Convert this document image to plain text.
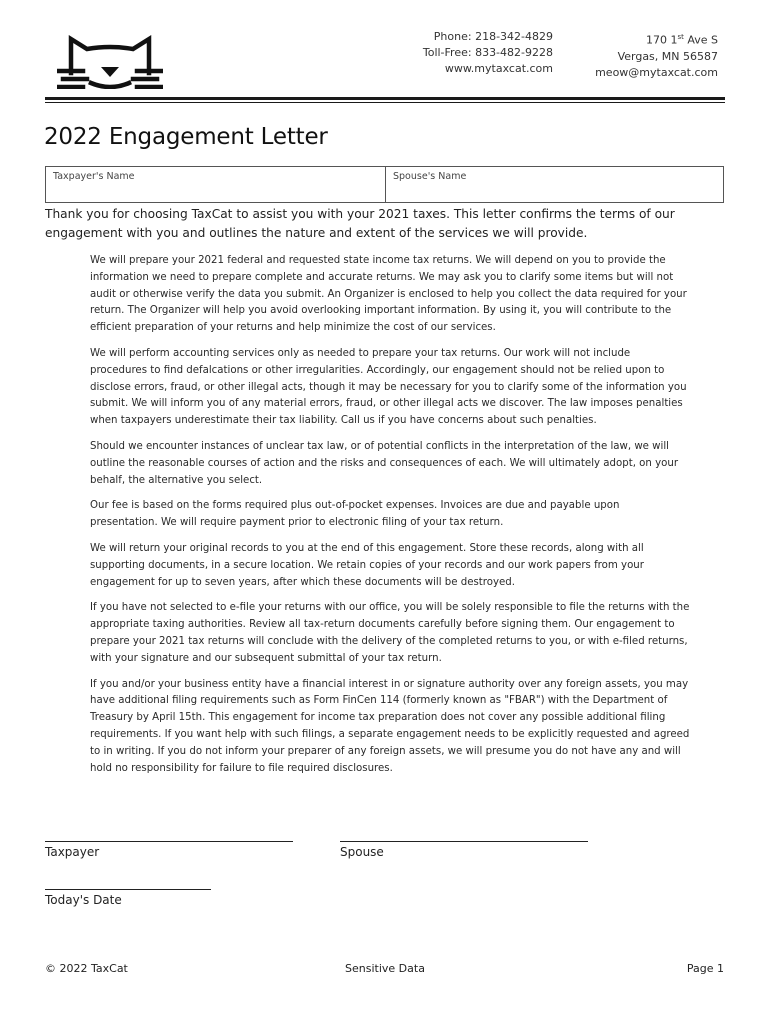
Phone: 218-342-4829
Toll-Free: 833-482-9228
www.mytaxcat.com
170 1st Ave S
Vergas, MN 56587
meow@mytaxcat.com
2022 Engagement Letter
Taxpayer's Name	Spouse's Name
Thank you for choosing TaxCat to assist you with your 2021 taxes. This letter confirms the terms of our engagement with you and outlines the nature and extent of the services we will provide.

We will prepare your 2021 federal and requested state income tax returns. We will depend on you to provide the information we need to prepare complete and accurate returns. We may ask you to clarify some items but will not audit or otherwise verify the data you submit. An Organizer is enclosed to help you collect the data required for your return. The Organizer will help you avoid overlooking important information. By using it, you will contribute to the efficient preparation of your returns and help minimize the cost of our services.

We will perform accounting services only as needed to prepare your tax returns. Our work will not include procedures to find defalcations or other irregularities. Accordingly, our engagement should not be relied upon to disclose errors, fraud, or other illegal acts, though it may be necessary for you to clarify some of the information you submit. We will inform you of any material errors, fraud, or other illegal acts we discover. The law imposes penalties when taxpayers underestimate their tax liability. Call us if you have concerns about such penalties.

Should we encounter instances of unclear tax law, or of potential conflicts in the interpretation of the law, we will outline the reasonable courses of action and the risks and consequences of each. We will ultimately adopt, on your behalf, the alternative you select.

Our fee is based on the forms required plus out-of-pocket expenses. Invoices are due and payable upon presentation. We will require payment prior to electronic filing of your tax return.

We will return your original records to you at the end of this engagement. Store these records, along with all supporting documents, in a secure location. We retain copies of your records and our work papers from your engagement for up to seven years, after which these documents will be destroyed.

If you have not selected to e-file your returns with our office, you will be solely responsible to file the returns with the appropriate taxing authorities. Review all tax-return documents carefully before signing them. Our engagement to prepare your 2021 tax returns will conclude with the delivery of the completed returns to you, or with e-filed returns, with your signature and our subsequent submittal of your tax return.

If you and/or your business entity have a financial interest in or signature authority over any foreign assets, you may have additional filing requirements such as Form FinCen 114 (formerly known as "FBAR") with the Department of Treasury by April 15th. This engagement for income tax preparation does not cover any possible additional filing requirements. If you want help with such filings, a separate engagement needs to be explicitly requested and agreed to in writing. If you do not inform your preparer of any foreign assets, we will presume you do not have any and will hold no responsibility for failure to file required disclosures.

Taxpayer	Spouse
Today's Date
© 2022 TaxCat	Sensitive Data	Page 1
